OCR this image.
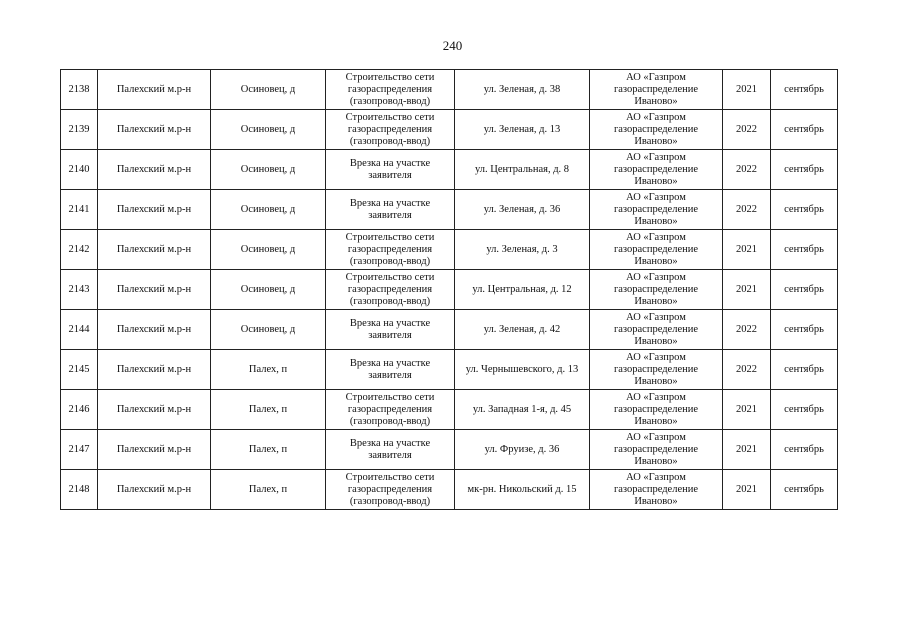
240
2138	Палехский м.р-н	Осиновец, д	Строительство сети газораспределения (газопровод-ввод)	ул. Зеленая, д. 38	АО «Газпром газораспределение Иваново»	2021	сентябрь
2139	Палехский м.р-н	Осиновец, д	Строительство сети газораспределения (газопровод-ввод)	ул. Зеленая, д. 13	АО «Газпром газораспределение Иваново»	2022	сентябрь
2140	Палехский м.р-н	Осиновец, д	Врезка на участке заявителя	ул. Центральная, д. 8	АО «Газпром газораспределение Иваново»	2022	сентябрь
2141	Палехский м.р-н	Осиновец, д	Врезка на участке заявителя	ул. Зеленая, д. 36	АО «Газпром газораспределение Иваново»	2022	сентябрь
2142	Палехский м.р-н	Осиновец, д	Строительство сети газораспределения (газопровод-ввод)	ул. Зеленая, д. 3	АО «Газпром газораспределение Иваново»	2021	сентябрь
2143	Палехский м.р-н	Осиновец, д	Строительство сети газораспределения (газопровод-ввод)	ул. Центральная, д. 12	АО «Газпром газораспределение Иваново»	2021	сентябрь
2144	Палехский м.р-н	Осиновец, д	Врезка на участке заявителя	ул. Зеленая, д. 42	АО «Газпром газораспределение Иваново»	2022	сентябрь
2145	Палехский м.р-н	Палех, п	Врезка на участке заявителя	ул. Чернышевского, д. 13	АО «Газпром газораспределение Иваново»	2022	сентябрь
2146	Палехский м.р-н	Палех, п	Строительство сети газораспределения (газопровод-ввод)	ул. Западная 1-я, д. 45	АО «Газпром газораспределение Иваново»	2021	сентябрь
2147	Палехский м.р-н	Палех, п	Врезка на участке заявителя	ул. Фруизе, д. 36	АО «Газпром газораспределение Иваново»	2021	сентябрь
2148	Палехский м.р-н	Палех, п	Строительство сети газораспределения (газопровод-ввод)	мк-рн. Никольский д. 15	АО «Газпром газораспределение Иваново»	2021	сентябрь
